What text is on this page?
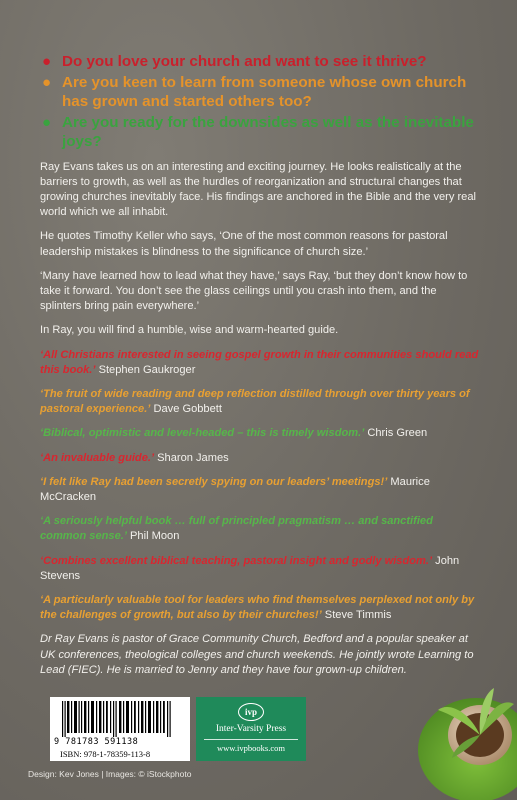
● Do you love your church and want to see it thrive?
● Are you keen to learn from someone whose own church has grown and started others too?
● Are you ready for the downsides as well as the inevitable joys?

Ray Evans takes us on an interesting and exciting journey. He looks realistically at the barriers to growth, as well as the hurdles of reorganization and structural changes that growing churches inevitably face. His findings are anchored in the Bible and the very real world which we all inhabit.

He quotes Timothy Keller who says, ‘One of the most common reasons for pastoral leadership mistakes is blindness to the significance of church size.’

‘Many have learned how to lead what they have,’ says Ray, ‘but they don’t know how to take it forward. You don’t see the glass ceilings until you crash into them, and the splinters bring pain everywhere.’

In Ray, you will find a humble, wise and warm-hearted guide.

‘All Christians interested in seeing gospel growth in their communities should read this book.’ Stephen Gaukroger
‘The fruit of wide reading and deep reflection distilled through over thirty years of pastoral experience.’ Dave Gobbett
‘Biblical, optimistic and level-headed – this is timely wisdom.’ Chris Green
‘An invaluable guide.’ Sharon James
‘I felt like Ray had been secretly spying on our leaders’ meetings!’ Maurice McCracken
‘A seriously helpful book … full of principled pragmatism … and sanctified common sense.’ Phil Moon
‘Combines excellent biblical teaching, pastoral insight and godly wisdom.’ John Stevens
‘A particularly valuable tool for leaders who find themselves perplexed not only by the challenges of growth, but also by their churches!’ Steve Timmis

Dr Ray Evans is pastor of Grace Community Church, Bedford and a popular speaker at UK conferences, theological colleges and church weekends. He jointly wrote Learning to Lead (FIEC). He is married to Jenny and they have four grown-up children.

9 781783 591138
ISBN: 978-1-78359-113-8
ivp
Inter-Varsity Press
www.ivpbooks.com
Design: Kev Jones | Images: © iStockphoto
